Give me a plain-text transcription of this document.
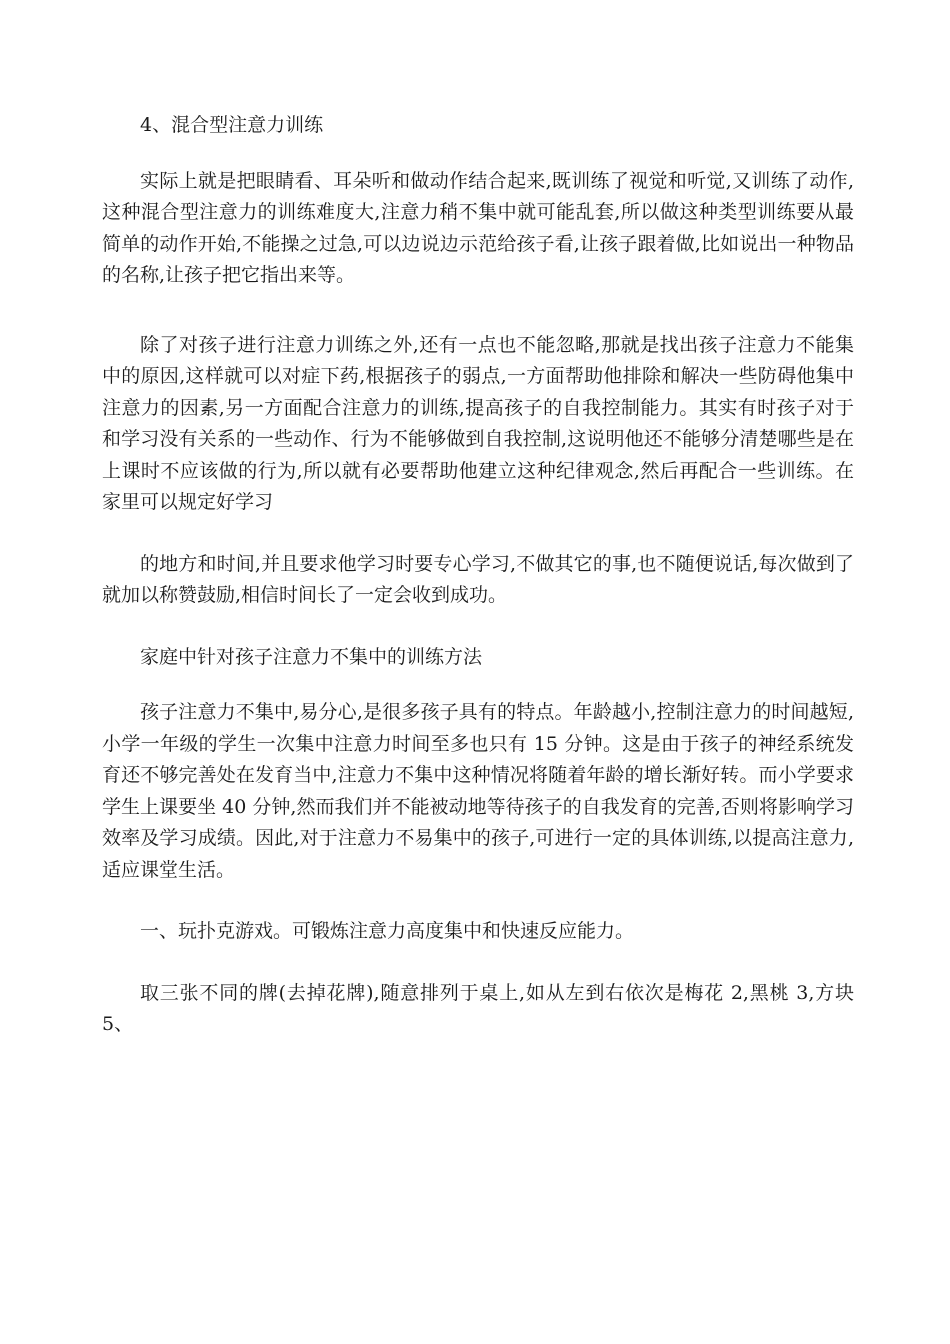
4、混合型注意力训练

实际上就是把眼睛看、耳朵听和做动作结合起来,既训练了视觉和听觉,又训练了动作,这种混合型注意力的训练难度大,注意力稍不集中就可能乱套,所以做这种类型训练要从最简单的动作开始,不能操之过急,可以边说边示范给孩子看,让孩子跟着做,比如说出一种物品的名称,让孩子把它指出来等。

除了对孩子进行注意力训练之外,还有一点也不能忽略,那就是找出孩子注意力不能集中的原因,这样就可以对症下药,根据孩子的弱点,一方面帮助他排除和解决一些防碍他集中注意力的因素,另一方面配合注意力的训练,提高孩子的自我控制能力。其实有时孩子对于和学习没有关系的一些动作、行为不能够做到自我控制,这说明他还不能够分清楚哪些是在上课时不应该做的行为,所以就有必要帮助他建立这种纪律观念,然后再配合一些训练。在家里可以规定好学习

的地方和时间,并且要求他学习时要专心学习,不做其它的事,也不随便说话,每次做到了就加以称赞鼓励,相信时间长了一定会收到成功。

家庭中针对孩子注意力不集中的训练方法

孩子注意力不集中,易分心,是很多孩子具有的特点。年龄越小,控制注意力的时间越短,小学一年级的学生一次集中注意力时间至多也只有 15 分钟。这是由于孩子的神经系统发育还不够完善处在发育当中,注意力不集中这种情况将随着年龄的增长渐好转。而小学要求学生上课要坐 40 分钟,然而我们并不能被动地等待孩子的自我发育的完善,否则将影响学习效率及学习成绩。因此,对于注意力不易集中的孩子,可进行一定的具体训练,以提高注意力,适应课堂生活。

一、玩扑克游戏。可锻炼注意力高度集中和快速反应能力。

取三张不同的牌(去掉花牌),随意排列于桌上,如从左到右依次是梅花 2,黑桃 3,方块 5、
